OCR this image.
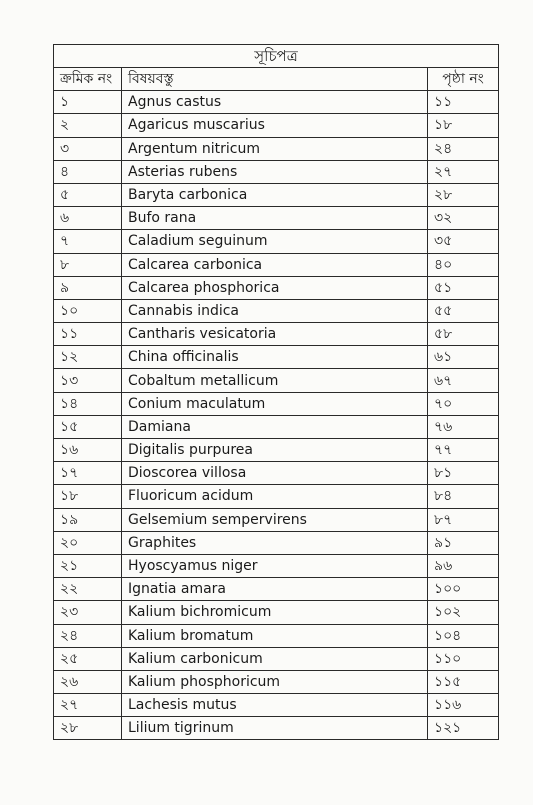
সূচিপত্র		
ক্রমিক নং	বিষয়বস্তু	পৃষ্ঠা নং
১	Agnus castus	১১
২	Agaricus muscarius	১৮
৩	Argentum nitricum	২৪
৪	Asterias rubens	২৭
৫	Baryta carbonica	২৮
৬	Bufo rana	৩২
৭	Caladium seguinum	৩৫
৮	Calcarea carbonica	৪০
৯	Calcarea phosphorica	৫১
১০	Cannabis indica	৫৫
১১	Cantharis vesicatoria	৫৮
১২	China officinalis	৬১
১৩	Cobaltum metallicum	৬৭
১৪	Conium maculatum	৭০
১৫	Damiana	৭৬
১৬	Digitalis purpurea	৭৭
১৭	Dioscorea villosa	৮১
১৮	Fluoricum acidum	৮৪
১৯	Gelsemium sempervirens	৮৭
২০	Graphites	৯১
২১	Hyoscyamus niger	৯৬
২২	Ignatia amara	১০০
২৩	Kalium bichromicum	১০২
২৪	Kalium bromatum	১০৪
২৫	Kalium carbonicum	১১০
২৬	Kalium phosphoricum	১১৫
২৭	Lachesis mutus	১১৬
২৮	Lilium tigrinum	১২১
